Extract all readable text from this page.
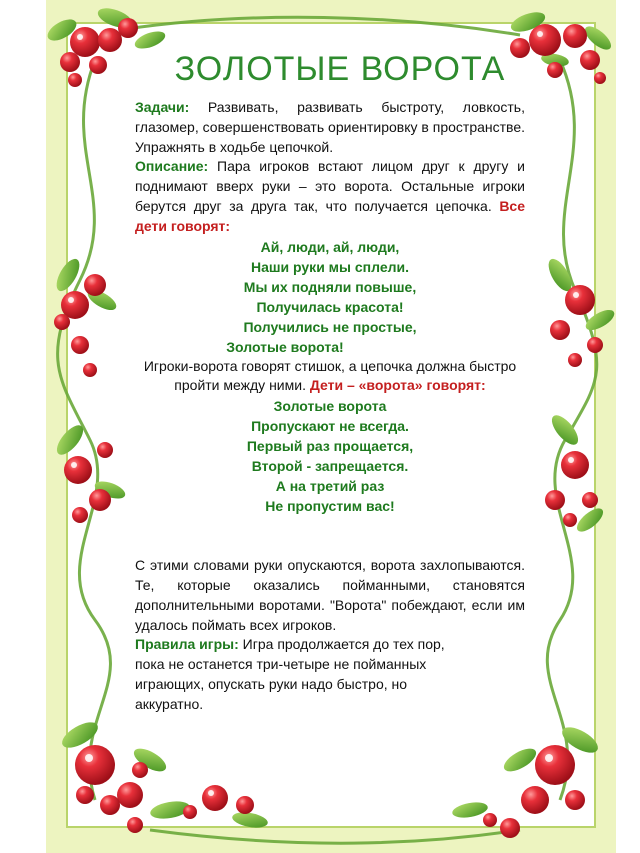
ЗОЛОТЫЕ ВОРОТА

Задачи: Развивать, развивать быстроту, ловкость, глазомер, совершенствовать ориентировку в пространстве. Упражнять в ходьбе цепочкой.

Описание: Пара игроков встают лицом друг к другу и поднимают вверх руки – это ворота. Остальные игроки берутся друг за друга так, что получается цепочка. Все дети говорят:

Ай, люди, ай, люди,
Наши руки мы сплели.
Мы их подняли повыше,
Получилась красота!
Получились не простые,
Золотые ворота!

Игроки-ворота говорят стишок, а цепочка должна быстро пройти между ними. Дети – «ворота» говорят:

Золотые ворота
Пропускают не всегда.
Первый раз прощается,
Второй - запрещается.
А на третий раз
Не пропустим вас!

С этими словами руки опускаются, ворота захлопываются. Те, которые оказались пойманными, становятся дополнительными воротами. "Ворота" побеждают, если им удалось поймать всех игроков.

Правила игры: Игра продолжается до тех пор,
пока не останется три-четыре не пойманных
играющих, опускать руки надо быстро, но
аккуратно.
